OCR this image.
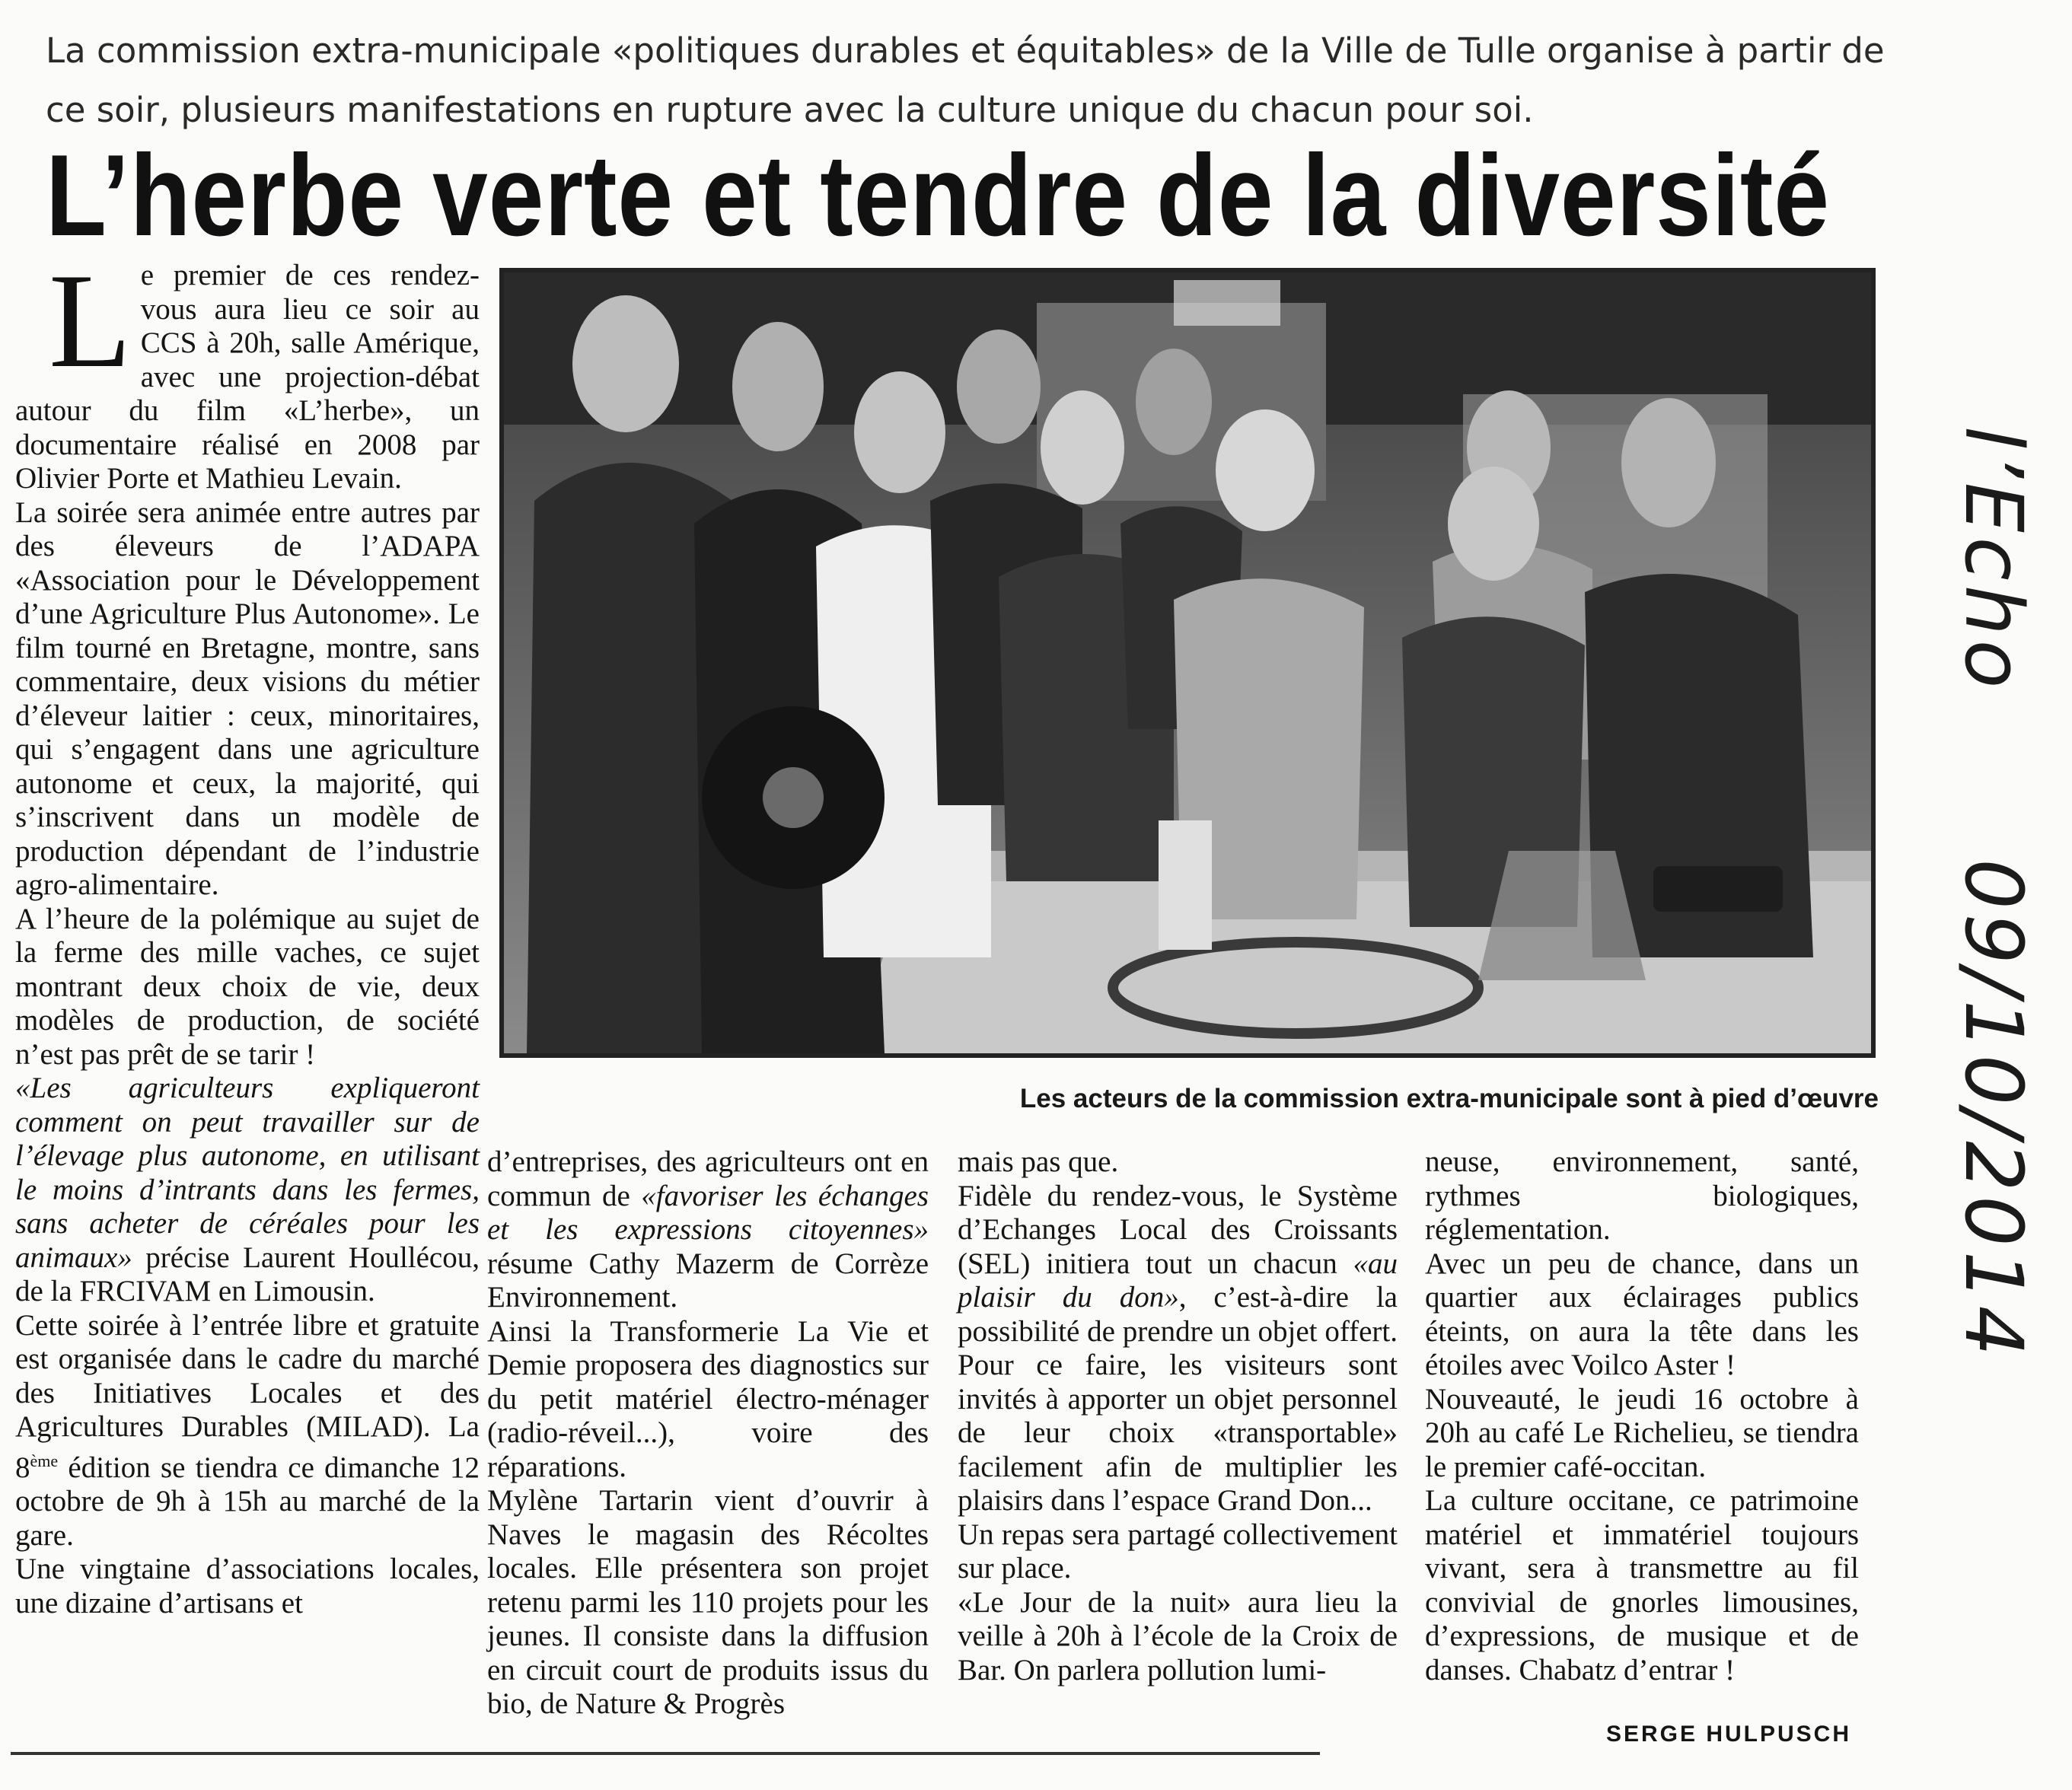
La commission extra-municipale «politiques durables et équitables» de la Ville de Tulle organise à partir de ce soir, plusieurs manifestations en rupture avec la culture unique du chacun pour soi.

L’herbe verte et tendre de la diversité

Le premier de ces rendez-vous aura lieu ce soir au CCS à 20h, salle Amérique, avec une projection-débat autour du film «L’herbe», un documentaire réalisé en 2008 par Olivier Porte et Mathieu Levain.

La soirée sera animée entre autres par des éleveurs de l’ADAPA «Association pour le Développement d’une Agriculture Plus Autonome». Le film tourné en Bretagne, montre, sans commentaire, deux visions du métier d’éleveur laitier : ceux, minoritaires, qui s’engagent dans une agriculture autonome et ceux, la majorité, qui s’inscrivent dans un modèle de production dépendant de l’industrie agro-alimentaire.

A l’heure de la polémique au sujet de la ferme des mille vaches, ce sujet montrant deux choix de vie, deux modèles de production, de société n’est pas prêt de se tarir !

«Les agriculteurs expliqueront comment on peut travailler sur de l’élevage plus autonome, en utilisant le moins d’intrants dans les fermes, sans acheter de céréales pour les animaux» précise Laurent Houllécou, de la FRCIVAM en Limousin.

Cette soirée à l’entrée libre et gratuite est organisée dans le cadre du marché des Initiatives Locales et des Agricultures Durables (MILAD). La 8ème édition se tiendra ce dimanche 12 octobre de 9h à 15h au marché de la gare.

Une vingtaine d’associations locales, une dizaine d’artisans et

Les acteurs de la commission extra-municipale sont à pied d’œuvre

d’entreprises, des agriculteurs ont en commun de «favoriser les échanges et les expressions citoyennes» résume Cathy Mazerm de Corrèze Environnement.

Ainsi la Transformerie La Vie et Demie proposera des diagnostics sur du petit matériel électro-ménager (radio-réveil...), voire des réparations.

Mylène Tartarin vient d’ouvrir à Naves le magasin des Récoltes locales. Elle présentera son projet retenu parmi les 110 projets pour les jeunes. Il consiste dans la diffusion en circuit court de produits issus du bio, de Nature & Progrès

mais pas que.

Fidèle du rendez-vous, le Système d’Echanges Local des Croissants (SEL) initiera tout un chacun «au plaisir du don», c’est-à-dire la possibilité de prendre un objet offert. Pour ce faire, les visiteurs sont invités à apporter un objet personnel de leur choix «transportable» facilement afin de multiplier les plaisirs dans l’espace Grand Don...

Un repas sera partagé collectivement sur place.

«Le Jour de la nuit» aura lieu la veille à 20h à l’école de la Croix de Bar. On parlera pollution lumi-

neuse, environnement, santé, rythmes biologiques, réglementation.

Avec un peu de chance, dans un quartier aux éclairages publics éteints, on aura la tête dans les étoiles avec Voilco Aster !

Nouveauté, le jeudi 16 octobre à 20h au café Le Richelieu, se tiendra le premier café-occitan.

La culture occitane, ce patrimoine matériel et immatériel toujours vivant, sera à transmettre au fil convivial de gnorles limousines, d’expressions, de musique et de danses. Chabatz d’entrar !

SERGE HULPUSCH

l’Echo  09/10/2014
